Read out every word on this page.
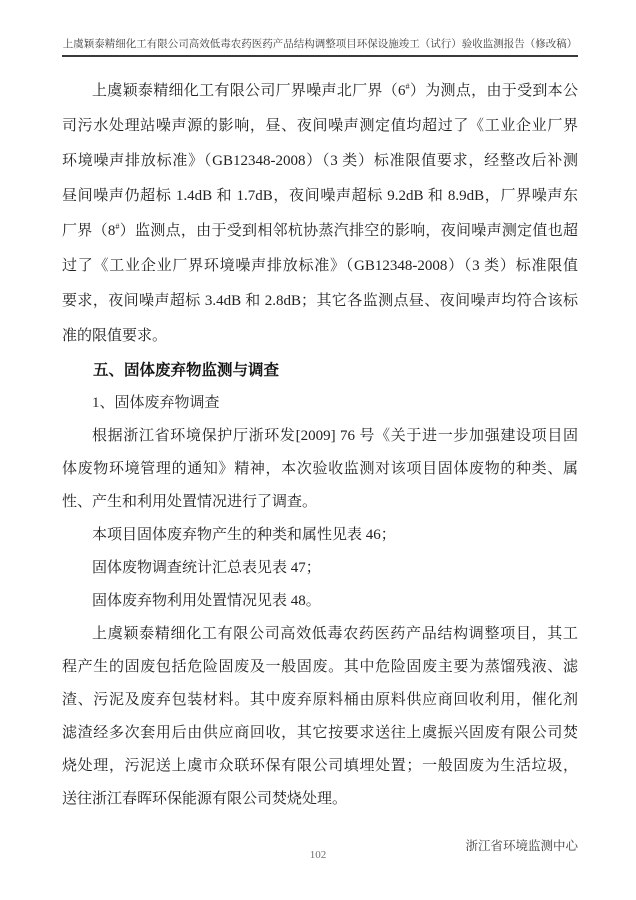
上虞颖泰精细化工有限公司高效低毒农药医药产品结构调整项目环保设施竣工（试行）验收监测报告（修改稿）
上虞颖泰精细化工有限公司厂界噪声北厂界（6#）为测点，由于受到本公
司污水处理站噪声源的影响，昼、夜间噪声测定值均超过了《工业企业厂界
环境噪声排放标准》（GB12348-2008）（3 类）标准限值要求，经整改后补测
昼间噪声仍超标 1.4dB 和 1.7dB，夜间噪声超标 9.2dB 和 8.9dB，厂界噪声东
厂界（8#）监测点，由于受到相邻杭协蒸汽排空的影响，夜间噪声测定值也超
过了《工业企业厂界环境噪声排放标准》（GB12348-2008）（3 类）标准限值
要求，夜间噪声超标 3.4dB 和 2.8dB；其它各监测点昼、夜间噪声均符合该标
准的限值要求。
五、固体废弃物监测与调查
1、固体废弃物调查
根据浙江省环境保护厅浙环发[2009] 76 号《关于进一步加强建设项目固
体废物环境管理的通知》精神，本次验收监测对该项目固体废物的种类、属
性、产生和利用处置情况进行了调查。
本项目固体废弃物产生的种类和属性见表 46；
固体废物调查统计汇总表见表 47；
固体废弃物利用处置情况见表 48。
上虞颖泰精细化工有限公司高效低毒农药医药产品结构调整项目，其工
程产生的固废包括危险固废及一般固废。其中危险固废主要为蒸馏残液、滤
渣、污泥及废弃包装材料。其中废弃原料桶由原料供应商回收利用，催化剂
滤渣经多次套用后由供应商回收，其它按要求送往上虞振兴固废有限公司焚
烧处理，污泥送上虞市众联环保有限公司填埋处置；一般固废为生活垃圾，
送往浙江春晖环保能源有限公司焚烧处理。
浙江省环境监测中心
102
